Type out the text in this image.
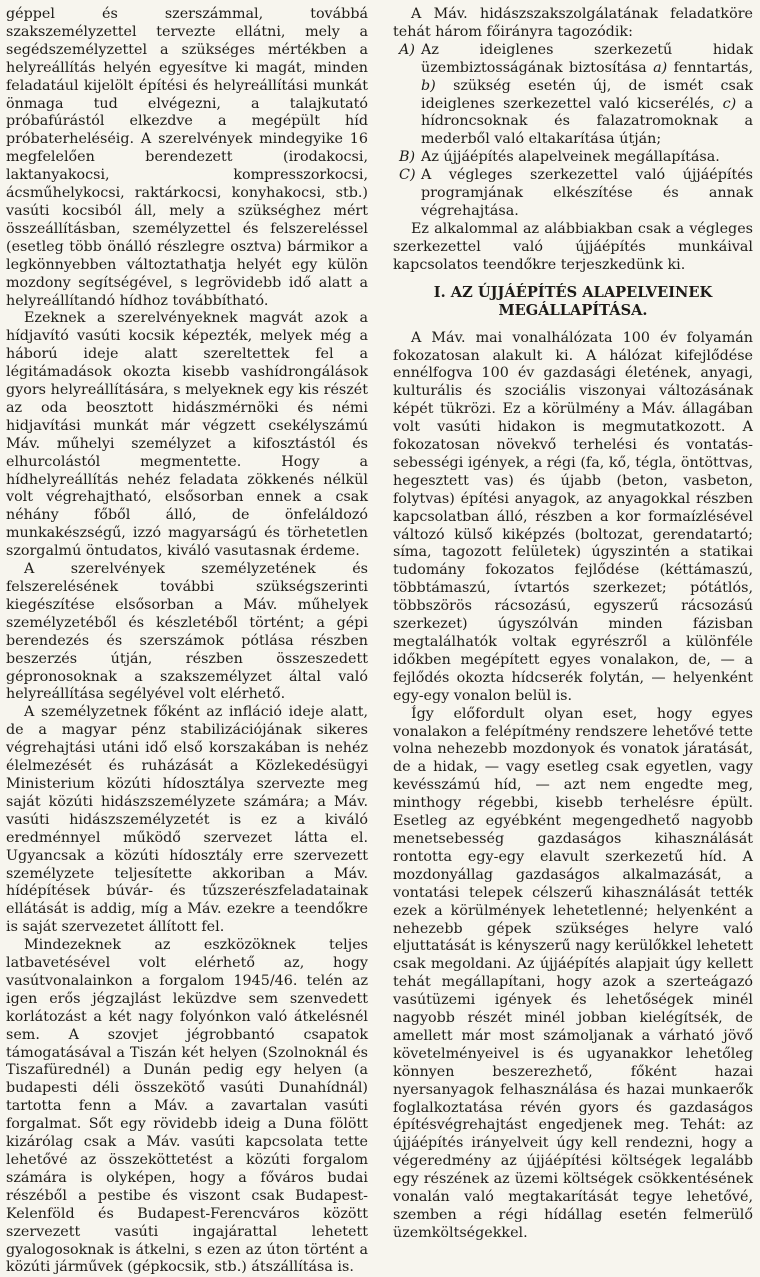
géppel és szerszámmal, továbbá szakszemélyzettel tervezte ellátni, mely a segédszemélyzettel a szükséges mértékben a helyreállítás helyén egyesítve ki magát, minden feladatául kijelölt építési és helyreállítási munkát önmaga tud elvégezni, a talajkutató próbafúrástól elkezdve a megépült híd próbaterheléséig. A szerelvények mindegyike 16 megfelelően berendezett (irodakocsi, laktanyakocsi, kompresszorkocsi, ácsműhelykocsi, raktárkocsi, konyhakocsi, stb.) vasúti kocsiból áll, mely a szükséghez mért összeállításban, személyzettel és felszereléssel (esetleg több önálló részlegre osztva) bármikor a legkönnyebben változtathatja helyét egy külön mozdony segítségével, s legrövidebb idő alatt a helyreállítandó hídhoz továbbítható.

Ezeknek a szerelvényeknek magvát azok a hídjavító vasúti kocsik képezték, melyek még a háború ideje alatt szereltettek fel a légitámadások okozta kisebb vashídrongálások gyors helyreállítására, s melyeknek egy kis részét az oda beosztott hidászmérnöki és némi hidjavítási munkát már végzett csekélyszámú Máv. műhelyi személyzet a kifosztástól és elhurcolástól megmentette. Hogy a hídhelyreállítás nehéz feladata zökkenés nélkül volt végrehajtható, elsősorban ennek a csak néhány főből álló, de önfeláldozó munkakészségű, izzó magyarságú és törhetetlen szorgalmú öntudatos, kiváló vasutasnak érdeme.

A szerelvények személyzetének és felszerelésének további szükségszerinti kiegészítése elsősorban a Máv. műhelyek személyzetéből és készletéből történt; a gépi berendezés és szerszámok pótlása részben beszerzés útján, részben összeszedett gépronosoknak a szakszemélyzet által való helyreállítása segélyével volt elérhető.

A személyzetnek főként az infláció ideje alatt, de a magyar pénz stabilizációjának sikeres végrehajtási utáni idő első korszakában is nehéz élelmezését és ruházását a Közlekedésügyi Ministerium közúti hídosztálya szervezte meg saját közúti hidászszemélyzete számára; a Máv. vasúti hidászszemélyzetét is ez a kiváló eredménnyel működő szervezet látta el. Ugyancsak a közúti hídosztály erre szervezett személyzete teljesítette akkoriban a Máv. hídépítések búvár- és tűzszerészfeladatainak ellátását is addig, míg a Máv. ezekre a teendőkre is saját szervezetet állított fel.

Mindezeknek az eszközöknek teljes latbavetésével volt elérhető az, hogy vasútvonalainkon a forgalom 1945/46. telén az igen erős jégzajlást leküzdve sem szenvedett korlátozást a két nagy folyónkon való átkelésnél sem. A szovjet jégrobbantó csapatok támogatásával a Tiszán két helyen (Szolnoknál és Tiszafürednél) a Dunán pedig egy helyen (a budapesti déli összekötő vasúti Dunahídnál) tartotta fenn a Máv. a zavartalan vasúti forgalmat. Sőt egy rövidebb ideig a Duna fölött kizárólag csak a Máv. vasúti kapcsolata tette lehetővé az összeköttetést a közúti forgalom számára is olyképen, hogy a főváros budai részéből a pestibe és viszont csak Budapest-Kelenföld és Budapest-Ferencváros között szervezett vasúti ingajárattal lehetett gyalogosoknak is átkelni, s ezen az úton történt a közúti járművek (gépkocsik, stb.) átszállítása is.

A Máv. hidászszakszolgálatának feladatköre tehát három főirányra tagozódik:

A) Az ideiglenes szerkezetű hidak üzembiztosságának biztosítása a) fenntartás, b) szükség esetén új, de ismét csak ideiglenes szerkezettel való kicserélés, c) a hídroncsoknak és falazatromoknak a mederből való eltakarítása útján;
B) Az újjáépítés alapelveinek megállapítása.
C) A végleges szerkezettel való újjáépítés programjának elkészítése és annak végrehajtása.

Ez alkalommal az alábbiakban csak a végleges szerkezettel való újjáépítés munkáival kapcsolatos teendőkre terjeszkedünk ki.

I. AZ ÚJJÁÉPÍTÉS ALAPELVEINEK
MEGÁLLAPÍTÁSA.

A Máv. mai vonalhálózata 100 év folyamán fokozatosan alakult ki. A hálózat kifejlődése ennélfogva 100 év gazdasági életének, anyagi, kulturális és szociális viszonyai változásának képét tükrözi. Ez a körülmény a Máv. állagában volt vasúti hidakon is megmutatkozott. A fokozatosan növekvő terhelési és vontatás-sebességi igények, a régi (fa, kő, tégla, öntöttvas, hegesztett vas) és újabb (beton, vasbeton, folytvas) építési anyagok, az anyagokkal részben kapcsolatban álló, részben a kor formaízlésével változó külső kiképzés (boltozat, gerendatartó; síma, tagozott felületek) úgyszintén a statikai tudomány fokozatos fejlődése (kéttámaszú, többtámaszú, ívtartós szerkezet; pótátlós, többszörös rácsozású, egyszerű rácsozású szerkezet) úgyszólván minden fázisban megtalálhatók voltak egyrészről a különféle időkben megépített egyes vonalakon, de, — a fejlődés okozta hídcserék folytán, — helyenként egy-egy vonalon belül is.

Így előfordult olyan eset, hogy egyes vonalakon a felépítmény rendszere lehetővé tette volna nehezebb mozdonyok és vonatok járatását, de a hidak, — vagy esetleg csak egyetlen, vagy kevésszámú híd, — azt nem engedte meg, minthogy régebbi, kisebb terhelésre épült. Esetleg az egyébként megengedhető nagyobb menetsebesség gazdaságos kihasználását rontotta egy-egy elavult szerkezetű híd. A mozdonyállag gazdaságos alkalmazását, a vontatási telepek célszerű kihasználását tették ezek a körülmények lehetetlenné; helyenként a nehezebb gépek szükséges helyre való eljuttatását is kényszerű nagy kerülőkkel lehetett csak megoldani. Az újjáépítés alapjait úgy kellett tehát megállapítani, hogy azok a szerteágazó vasútüzemi igények és lehetőségek minél nagyobb részét minél jobban kielégítsék, de amellett már most számoljanak a várható jövő követelményeivel is és ugyanakkor lehetőleg könnyen beszerezhető, főként hazai nyersanyagok felhasználása és hazai munkaerők foglalkoztatása révén gyors és gazdaságos építésvégrehajtást engedjenek meg. Tehát: az újjáépítés irányelveit úgy kell rendezni, hogy a végeredmény az újjáépítési költségek legalább egy részének az üzemi költségek csökkentésének vonalán való megtakarítását tegye lehetővé, szemben a régi hídállag esetén felmerülő üzemköltségekkel.
